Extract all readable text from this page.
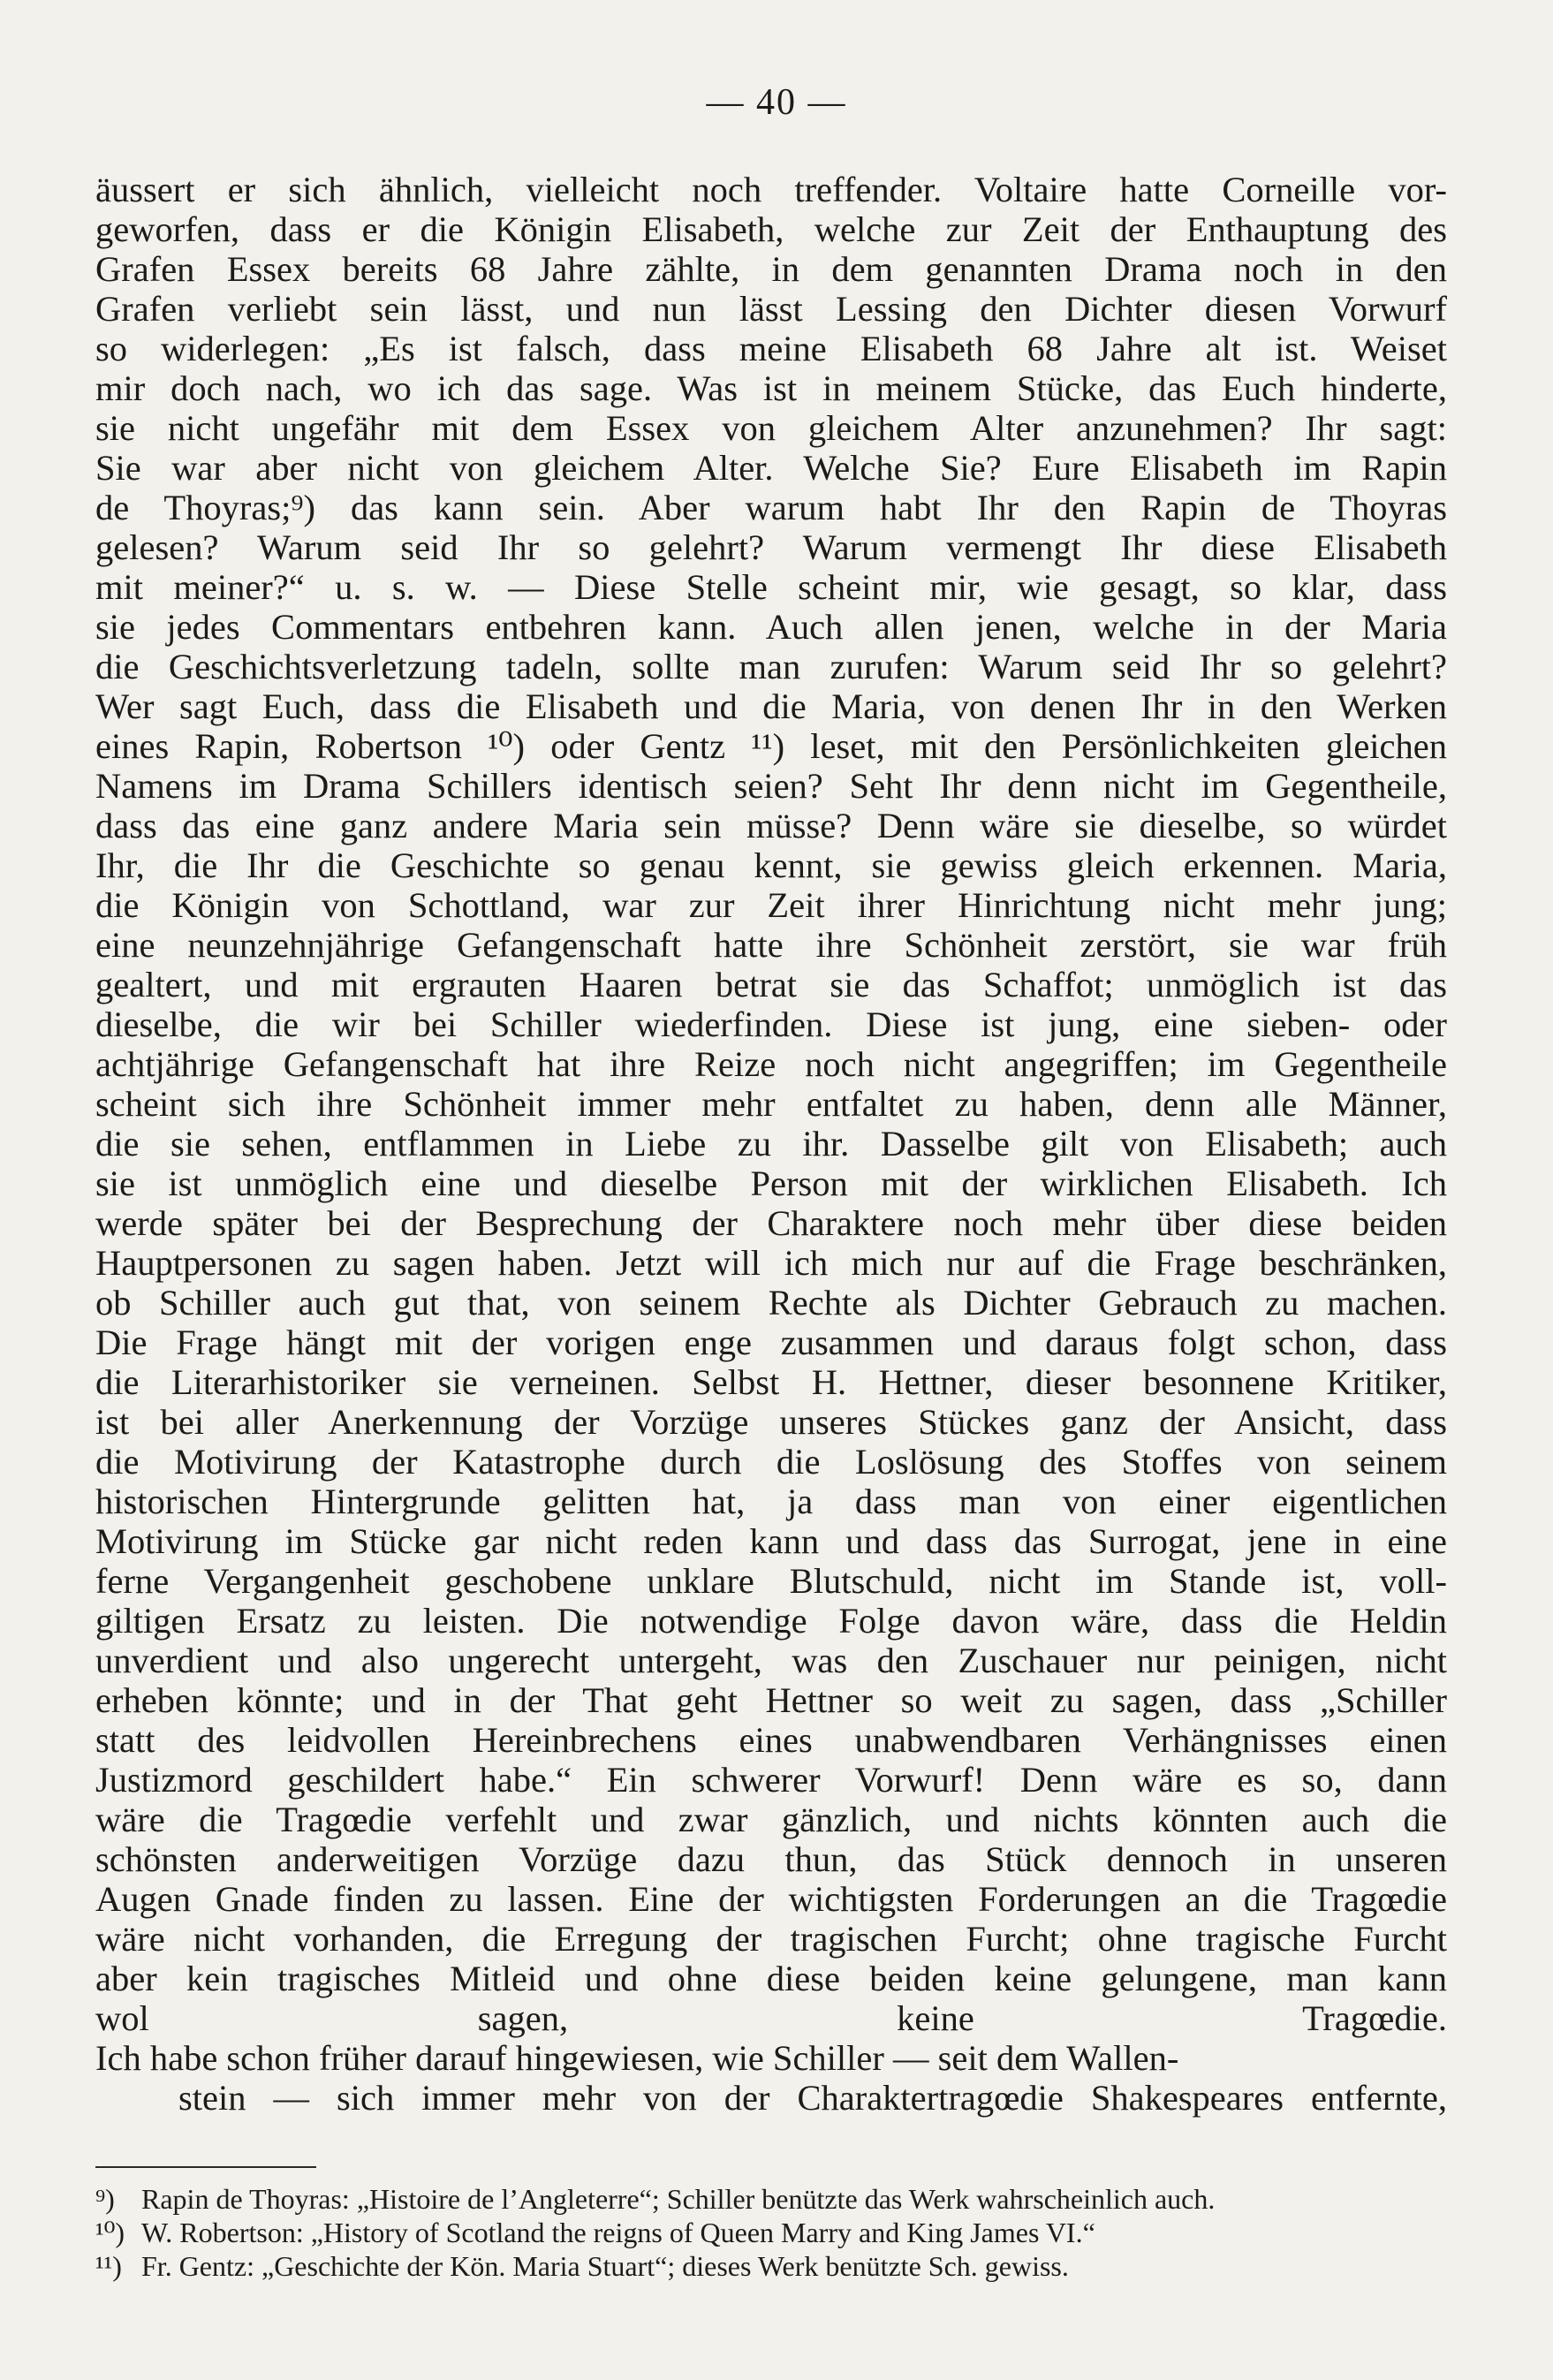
— 40 —
äussert er sich ähnlich, vielleicht noch treffender. Voltaire hatte Corneille vor-
geworfen, dass er die Königin Elisabeth, welche zur Zeit der Enthauptung des
Grafen Essex bereits 68 Jahre zählte, in dem genannten Drama noch in den
Grafen verliebt sein lässt, und nun lässt Lessing den Dichter diesen Vorwurf
so widerlegen: „Es ist falsch, dass meine Elisabeth 68 Jahre alt ist. Weiset
mir doch nach, wo ich das sage. Was ist in meinem Stücke, das Euch hinderte,
sie nicht ungefähr mit dem Essex von gleichem Alter anzunehmen? Ihr sagt:
Sie war aber nicht von gleichem Alter. Welche Sie? Eure Elisabeth im Rapin
de Thoyras;⁹) das kann sein. Aber warum habt Ihr den Rapin de Thoyras
gelesen? Warum seid Ihr so gelehrt? Warum vermengt Ihr diese Elisabeth
mit meiner?“ u. s. w. — Diese Stelle scheint mir, wie gesagt, so klar, dass
sie jedes Commentars entbehren kann. Auch allen jenen, welche in der Maria
die Geschichtsverletzung tadeln, sollte man zurufen: Warum seid Ihr so gelehrt?
Wer sagt Euch, dass die Elisabeth und die Maria, von denen Ihr in den Werken
eines Rapin, Robertson ¹⁰) oder Gentz ¹¹) leset, mit den Persönlichkeiten gleichen
Namens im Drama Schillers identisch seien? Seht Ihr denn nicht im Gegentheile,
dass das eine ganz andere Maria sein müsse? Denn wäre sie dieselbe, so würdet
Ihr, die Ihr die Geschichte so genau kennt, sie gewiss gleich erkennen. Maria,
die Königin von Schottland, war zur Zeit ihrer Hinrichtung nicht mehr jung;
eine neunzehnjährige Gefangenschaft hatte ihre Schönheit zerstört, sie war früh
gealtert, und mit ergrauten Haaren betrat sie das Schaffot; unmöglich ist das
dieselbe, die wir bei Schiller wiederfinden. Diese ist jung, eine sieben- oder
achtjährige Gefangenschaft hat ihre Reize noch nicht angegriffen; im Gegentheile
scheint sich ihre Schönheit immer mehr entfaltet zu haben, denn alle Männer,
die sie sehen, entflammen in Liebe zu ihr. Dasselbe gilt von Elisabeth; auch
sie ist unmöglich eine und dieselbe Person mit der wirklichen Elisabeth. Ich
werde später bei der Besprechung der Charaktere noch mehr über diese beiden
Hauptpersonen zu sagen haben. Jetzt will ich mich nur auf die Frage beschränken,
ob Schiller auch gut that, von seinem Rechte als Dichter Gebrauch zu machen.
Die Frage hängt mit der vorigen enge zusammen und daraus folgt schon, dass
die Literarhistoriker sie verneinen. Selbst H. Hettner, dieser besonnene Kritiker,
ist bei aller Anerkennung der Vorzüge unseres Stückes ganz der Ansicht, dass
die Motivirung der Katastrophe durch die Loslösung des Stoffes von seinem
historischen Hintergrunde gelitten hat, ja dass man von einer eigentlichen
Motivirung im Stücke gar nicht reden kann und dass das Surrogat, jene in eine
ferne Vergangenheit geschobene unklare Blutschuld, nicht im Stande ist, voll-
giltigen Ersatz zu leisten. Die notwendige Folge davon wäre, dass die Heldin
unverdient und also ungerecht untergeht, was den Zuschauer nur peinigen, nicht
erheben könnte; und in der That geht Hettner so weit zu sagen, dass „Schiller
statt des leidvollen Hereinbrechens eines unabwendbaren Verhängnisses einen
Justizmord geschildert habe.“ Ein schwerer Vorwurf! Denn wäre es so, dann
wäre die Tragœdie verfehlt und zwar gänzlich, und nichts könnten auch die
schönsten anderweitigen Vorzüge dazu thun, das Stück dennoch in unseren
Augen Gnade finden zu lassen. Eine der wichtigsten Forderungen an die Tragœdie
wäre nicht vorhanden, die Erregung der tragischen Furcht; ohne tragische Furcht
aber kein tragisches Mitleid und ohne diese beiden keine gelungene, man kann
wol sagen, keine Tragœdie.
Ich habe schon früher darauf hingewiesen, wie Schiller — seit dem Wallen-
stein — sich immer mehr von der Charaktertragœdie Shakespeares entfernte,
⁹) Rapin de Thoyras: „Histoire de l’Angleterre“; Schiller benützte das Werk wahrscheinlich auch.
¹⁰) W. Robertson: „History of Scotland the reigns of Queen Marry and King James VI.“
¹¹) Fr. Gentz: „Geschichte der Kön. Maria Stuart“; dieses Werk benützte Sch. gewiss.
